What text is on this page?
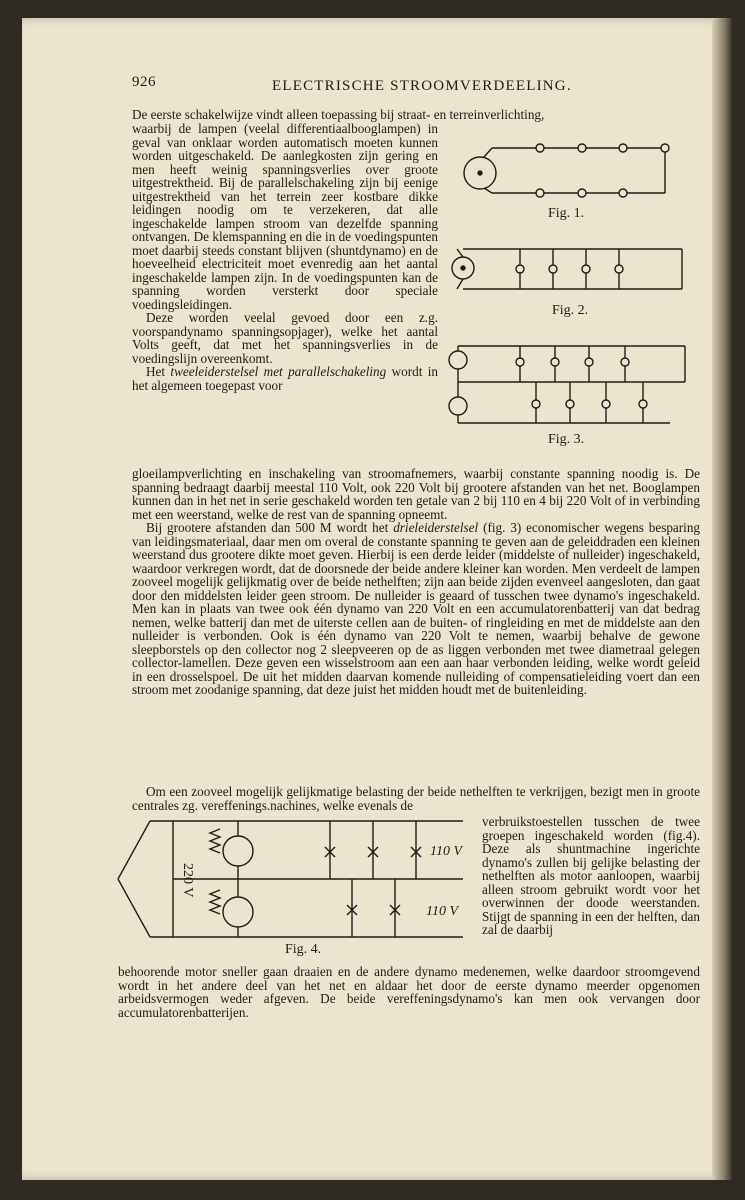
926	ELECTRISCHE STROOMVERDEELING.

De eerste schakelwijze vindt alleen toepassing bij straat- en terreinverlichting,

waarbij de lampen (veelal differentiaalbooglampen) in geval van onklaar worden automatisch moeten kunnen worden uitgeschakeld. De aanlegkosten zijn gering en men heeft weinig spanningsverlies over groote uitgestrektheid. Bij de parallelschakeling zijn bij eenige uitgestrektheid van het terrein zeer kostbare dikke leidingen noodig om te verzekeren, dat alle ingeschakelde lampen stroom van dezelfde spanning ontvangen. De klemspanning en die in de voedingspunten moet daarbij steeds constant blijven (shuntdynamo) en de hoeveelheid electriciteit moet evenredig aan het aantal ingeschakelde lampen zijn. In de voedingspunten kan de spanning worden versterkt door speciale voedingsleidingen.

Deze worden veelal gevoed door een z.g. voorspandynamo spanningsopjager), welke het aantal Volts geeft, dat met het spanningsverlies in de voedingslijn overeenkomt.

Het tweeleiderstelsel met parallelschakeling wordt in het algemeen toegepast voor

gloeilampverlichting en inschakeling van stroomafnemers, waarbij constante spanning noodig is. De spanning bedraagt daarbij meestal 110 Volt, ook 220 Volt bij grootere afstanden van het net. Booglampen kunnen dan in het net in serie geschakeld worden ten getale van 2 bij 110 en 4 bij 220 Volt of in verbinding met een weerstand, welke de rest van de spanning opneemt.

Bij grootere afstanden dan 500 M wordt het drieleiderstelsel (fig. 3) economischer wegens besparing van leidingsmateriaal, daar men om overal de constante spanning te geven aan de geleiddraden een kleinen weerstand dus grootere dikte moet geven. Hierbij is een derde leider (middelste of nulleider) ingeschakeld, waardoor verkregen wordt, dat de doorsnede der beide andere kleiner kan worden. Men verdeelt de lampen zooveel mogelijk gelijkmatig over de beide nethelften; zijn aan beide zijden evenveel aangesloten, dan gaat door den middelsten leider geen stroom. De nulleider is geaard of tusschen twee dynamo's ingeschakeld. Men kan in plaats van twee ook één dynamo van 220 Volt en een accumulatorenbatterij van dat bedrag nemen, welke batterij dan met de uiterste cellen aan de buiten- of ringleiding en met de middelste aan den nulleider is verbonden. Ook is één dynamo van 220 Volt te nemen, waarbij behalve de gewone sleepborstels op den collector nog 2 sleepveeren op de as liggen verbonden met twee diametraal gelegen collector-lamellen. Deze geven een wisselstroom aan een aan haar verbonden leiding, welke wordt geleid in een drosselspoel. De uit het midden daarvan komende nulleiding of compensatieleiding voert dan een stroom met zoodanige spanning, dat deze juist het midden houdt met de buitenleiding.

Om een zooveel mogelijk gelijkmatige belasting der beide nethelften te verkrijgen, bezigt men in groote centrales zg. vereffenings.nachines, welke evenals de

verbruikstoestellen tusschen de twee groepen ingeschakeld worden (fig.4). Deze als shuntmachine ingerichte dynamo's zullen bij gelijke belasting der nethelften als motor aanloopen, waarbij alleen stroom gebruikt wordt voor het overwinnen der doode weerstanden. Stijgt de spanning in een der helften, dan zal de daarbij

behoorende motor sneller gaan draaien en de andere dynamo medenemen, welke daardoor stroomgevend wordt in het andere deel van het net en aldaar het door de eerste dynamo meerder opgenomen arbeidsvermogen weder afgeven. De beide vereffeningsdynamo's kan men ook vervangen door accumulatorenbatterijen.

Fig. 1.
Fig. 2.
Fig. 3.
220 V
110 V
110 V
Fig. 4.
